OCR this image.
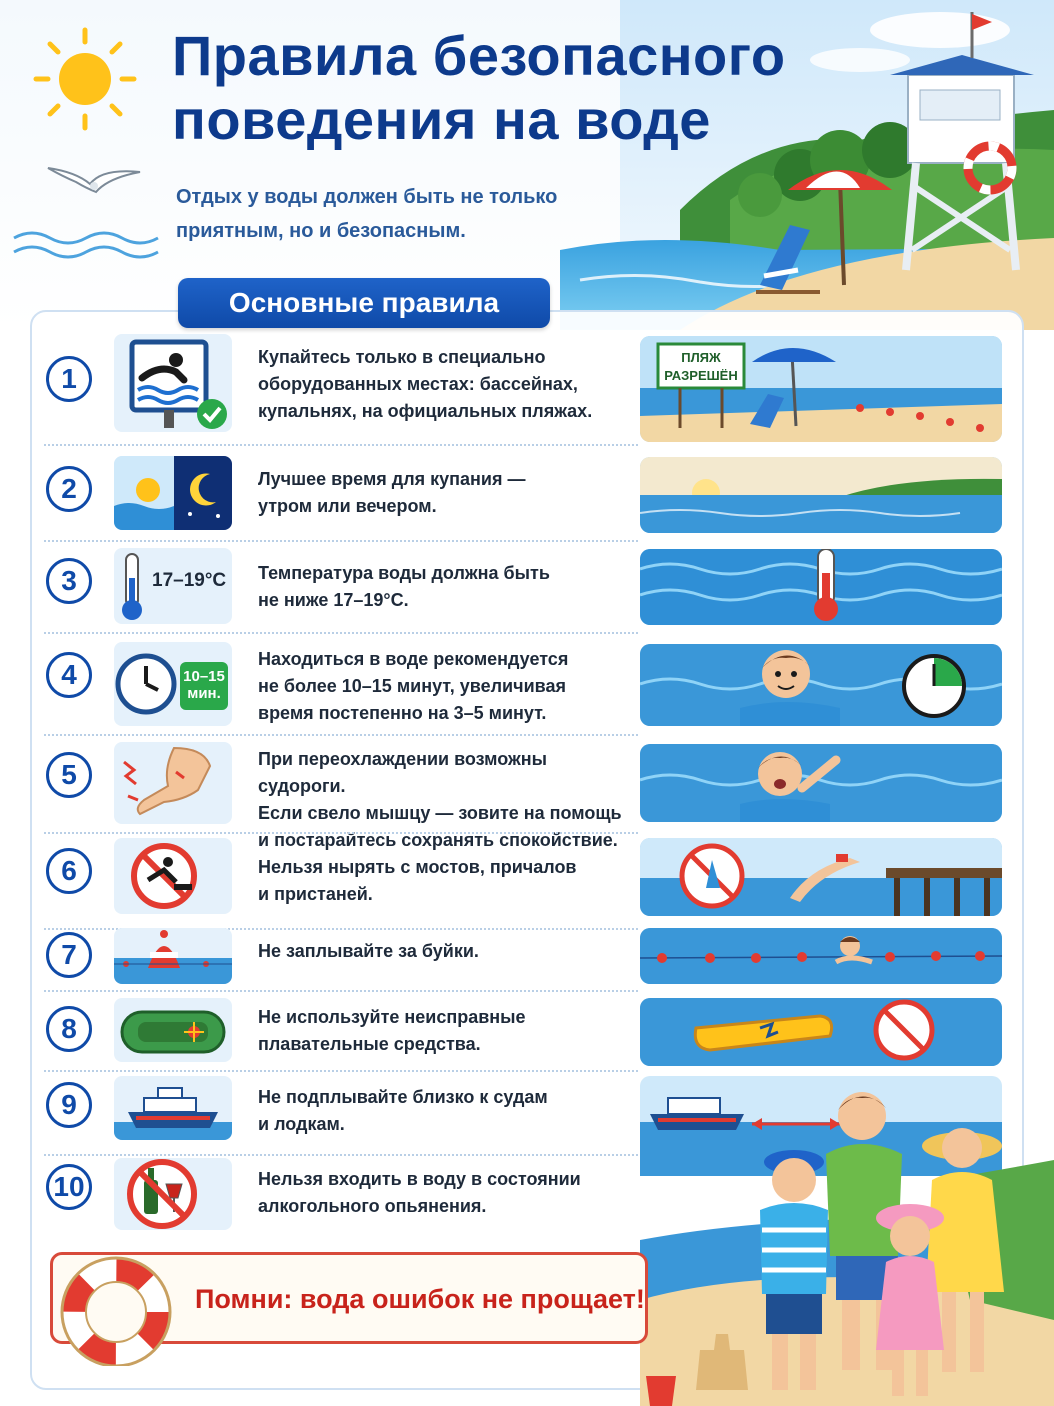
Правила безопасного
поведения на воде
Отдых у воды должен быть не только
приятным, но и безопасным.
Основные правила
1
Купайтесь только в специально
оборудованных местах: бассейнах,
купальнях, на официальных пляжах.
ПЛЯЖ
РАЗРЕШЁН
2	Лучшее время для купания —
утром или вечером.
3	17–19°C Температура воды должна быть
не ниже 17–19°C.
4	10–15
мин.
Находиться в воде рекомендуется
не более 10–15 минут, увеличивая
время постепенно на 3–5 минут.
5	При переохлаждении возможны судороги.
Если свело мышцу — зовите на помощь
и постарайтесь сохранять спокойствие.
6	Нельзя нырять с мостов, причалов
и пристаней.
7	Не заплывайте за буйки.
8	Не используйте неисправные
плавательные средства.
9	Не подплывайте близко к судам
и лодкам.
10	Нельзя входить в воду в состоянии
алкогольного опьянения.
Помни: вода ошибок не прощает!
